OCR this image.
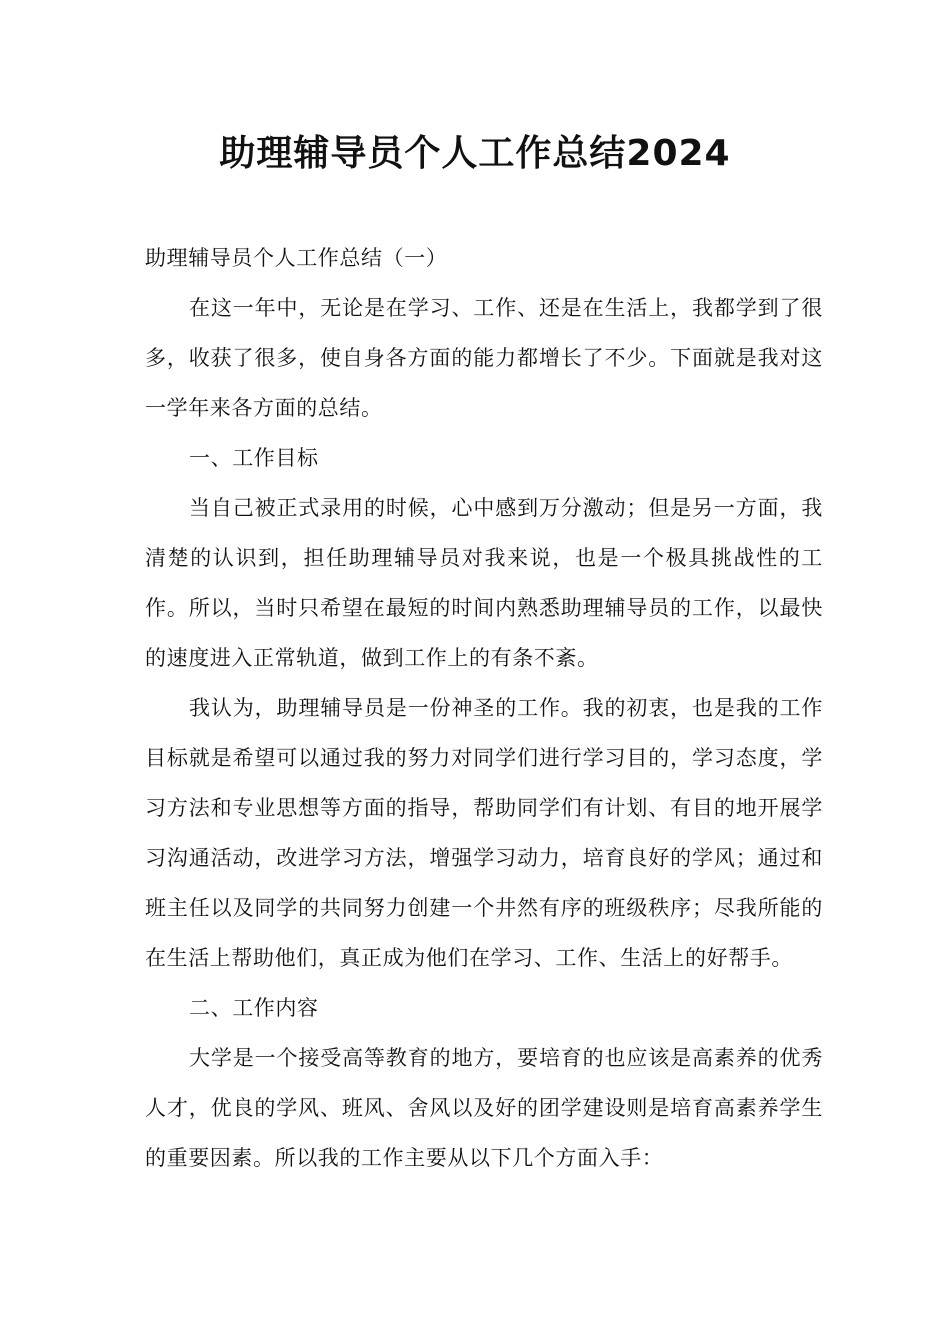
助理辅导员个人工作总结2024

助理辅导员个人工作总结（一）

在这一年中，无论是在学习、工作、还是在生活上，我都学到了很多，收获了很多，使自身各方面的能力都增长了不少。下面就是我对这一学年来各方面的总结。

一、工作目标

当自己被正式录用的时候，心中感到万分激动；但是另一方面，我清楚的认识到，担任助理辅导员对我来说，也是一个极具挑战性的工作。所以，当时只希望在最短的时间内熟悉助理辅导员的工作，以最快的速度进入正常轨道，做到工作上的有条不紊。

我认为，助理辅导员是一份神圣的工作。我的初衷，也是我的工作目标就是希望可以通过我的努力对同学们进行学习目的，学习态度，学习方法和专业思想等方面的指导，帮助同学们有计划、有目的地开展学习沟通活动，改进学习方法，增强学习动力，培育良好的学风；通过和班主任以及同学的共同努力创建一个井然有序的班级秩序；尽我所能的在生活上帮助他们，真正成为他们在学习、工作、生活上的好帮手。

二、工作内容

大学是一个接受高等教育的地方，要培育的也应该是高素养的优秀人才，优良的学风、班风、舍风以及好的团学建设则是培育高素养学生的重要因素。所以我的工作主要从以下几个方面入手：
